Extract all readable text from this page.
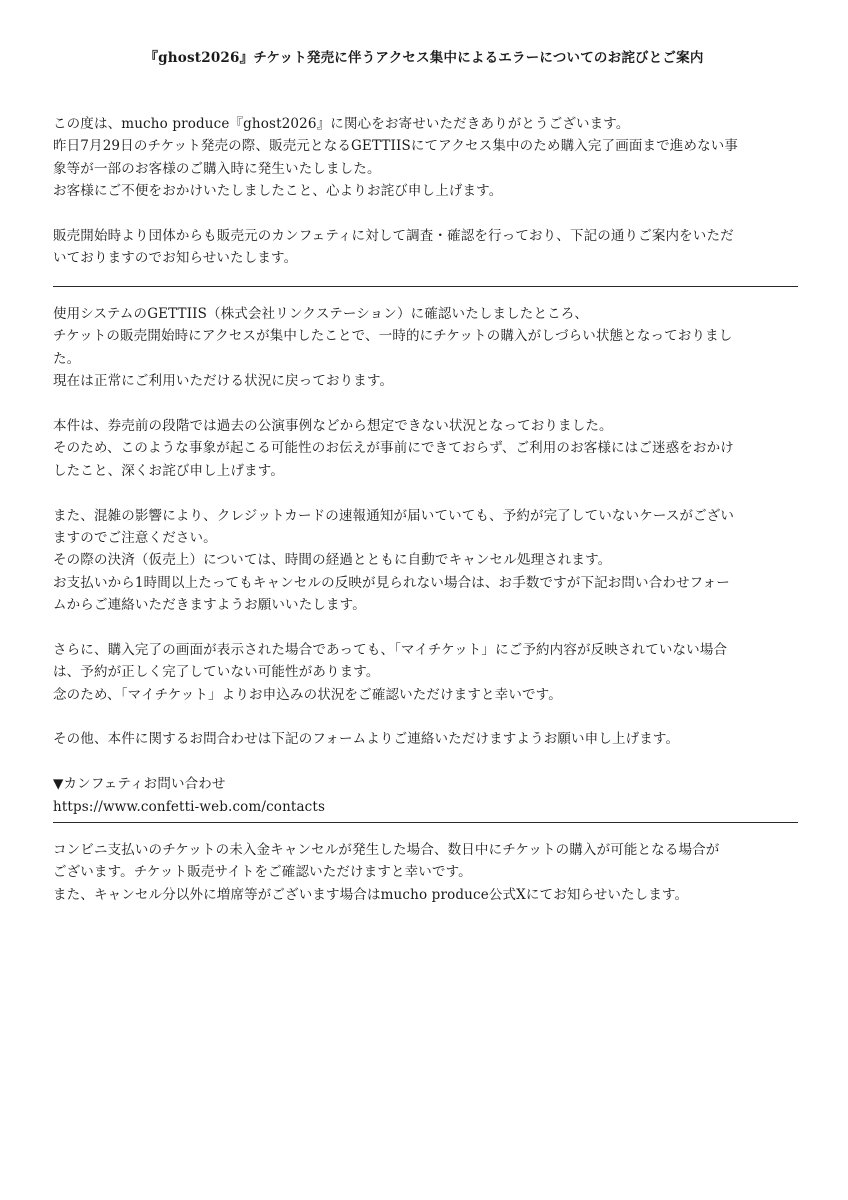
『ghost2026』チケット発売に伴うアクセス集中によるエラーについてのお詫びとご案内
この度は、mucho produce『ghost2026』に関心をお寄せいただきありがとうございます。
昨日7月29日のチケット発売の際、販売元となるGETTIISにてアクセス集中のため購入完了画面まで進めない事
象等が一部のお客様のご購入時に発生いたしました。
お客様にご不便をおかけいたしましたこと、心よりお詫び申し上げます。
販売開始時より団体からも販売元のカンフェティに対して調査・確認を行っており、下記の通りご案内をいただ
いておりますのでお知らせいたします。
使用システムのGETTIIS（株式会社リンクステーション）に確認いたしましたところ、
チケットの販売開始時にアクセスが集中したことで、一時的にチケットの購入がしづらい状態となっておりまし
た。
現在は正常にご利用いただける状況に戻っております。
本件は、券売前の段階では過去の公演事例などから想定できない状況となっておりました。
そのため、このような事象が起こる可能性のお伝えが事前にできておらず、ご利用のお客様にはご迷惑をおかけ
したこと、深くお詫び申し上げます。
また、混雑の影響により、クレジットカードの速報通知が届いていても、予約が完了していないケースがござい
ますのでご注意ください。
その際の決済（仮売上）については、時間の経過とともに自動でキャンセル処理されます。
お支払いから1時間以上たってもキャンセルの反映が見られない場合は、お手数ですが下記お問い合わせフォー
ムからご連絡いただきますようお願いいたします。
さらに、購入完了の画面が表示された場合であっても、「マイチケット」にご予約内容が反映されていない場合
は、予約が正しく完了していない可能性があります。
念のため、「マイチケット」よりお申込みの状況をご確認いただけますと幸いです。
その他、本件に関するお問合わせは下記のフォームよりご連絡いただけますようお願い申し上げます。
▼カンフェティお問い合わせ
https://www.confetti-web.com/contacts
コンビニ支払いのチケットの未入金キャンセルが発生した場合、数日中にチケットの購入が可能となる場合が
ございます。チケット販売サイトをご確認いただけますと幸いです。
また、キャンセル分以外に増席等がございます場合はmucho produce公式Xにてお知らせいたします。
